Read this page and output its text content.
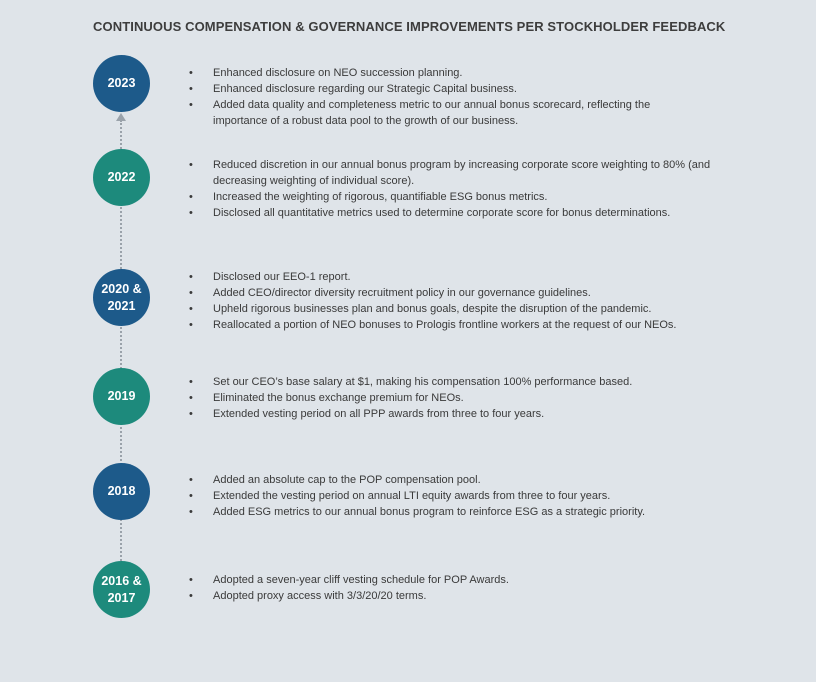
CONTINUOUS COMPENSATION & GOVERNANCE IMPROVEMENTS PER STOCKHOLDER FEEDBACK
2023
• Enhanced disclosure on NEO succession planning.
• Enhanced disclosure regarding our Strategic Capital business.
• Added data quality and completeness metric to our annual bonus scorecard, reflecting the importance of a robust data pool to the growth of our business.
2022
• Reduced discretion in our annual bonus program by increasing corporate score weighting to 80% (and decreasing weighting of individual score).
• Increased the weighting of rigorous, quantifiable ESG bonus metrics.
• Disclosed all quantitative metrics used to determine corporate score for bonus determinations.
2020 &
2021
• Disclosed our EEO-1 report.
• Added CEO/director diversity recruitment policy in our governance guidelines.
• Upheld rigorous businesses plan and bonus goals, despite the disruption of the pandemic.
• Reallocated a portion of NEO bonuses to Prologis frontline workers at the request of our NEOs.
2019
• Set our CEO’s base salary at $1, making his compensation 100% performance based.
• Eliminated the bonus exchange premium for NEOs.
• Extended vesting period on all PPP awards from three to four years.
2018
• Added an absolute cap to the POP compensation pool.
• Extended the vesting period on annual LTI equity awards from three to four years.
• Added ESG metrics to our annual bonus program to reinforce ESG as a strategic priority.
2016 &
2017
• Adopted a seven-year cliff vesting schedule for POP Awards.
• Adopted proxy access with 3/3/20/20 terms.
